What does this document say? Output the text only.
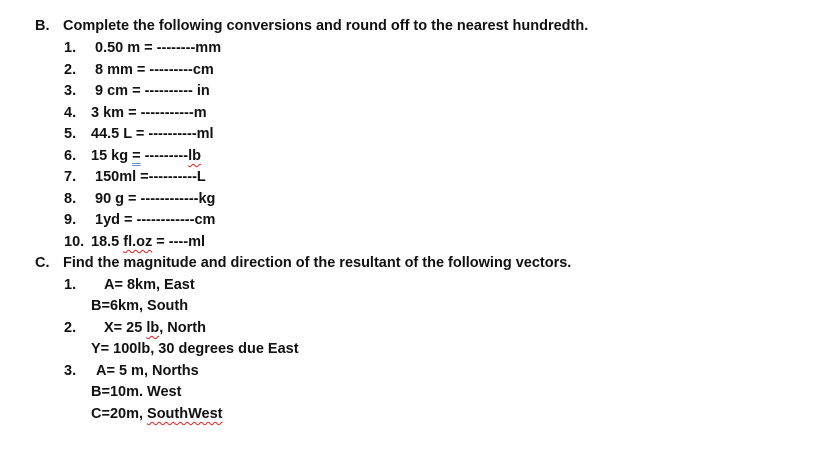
B. Complete the following conversions and round off to the nearest hundredth.
1. 0.50 m = --------mm
2. 8 mm = ---------cm
3. 9 cm = ---------- in
4. 3 km = -----------m
5. 44.5 L = ----------ml
6. 15 kg = ---------lb
7. 150ml =----------L
8. 90 g = ------------kg
9. 1yd = ------------cm
10. 18.5 fl.oz = ----ml
C. Find the magnitude and direction of the resultant of the following vectors.
1. A= 8km, East
B=6km, South
2. X= 25 lb, North
Y= 100lb, 30 degrees due East
3. A= 5 m, Norths
B=10m. West
C=20m, SouthWest
